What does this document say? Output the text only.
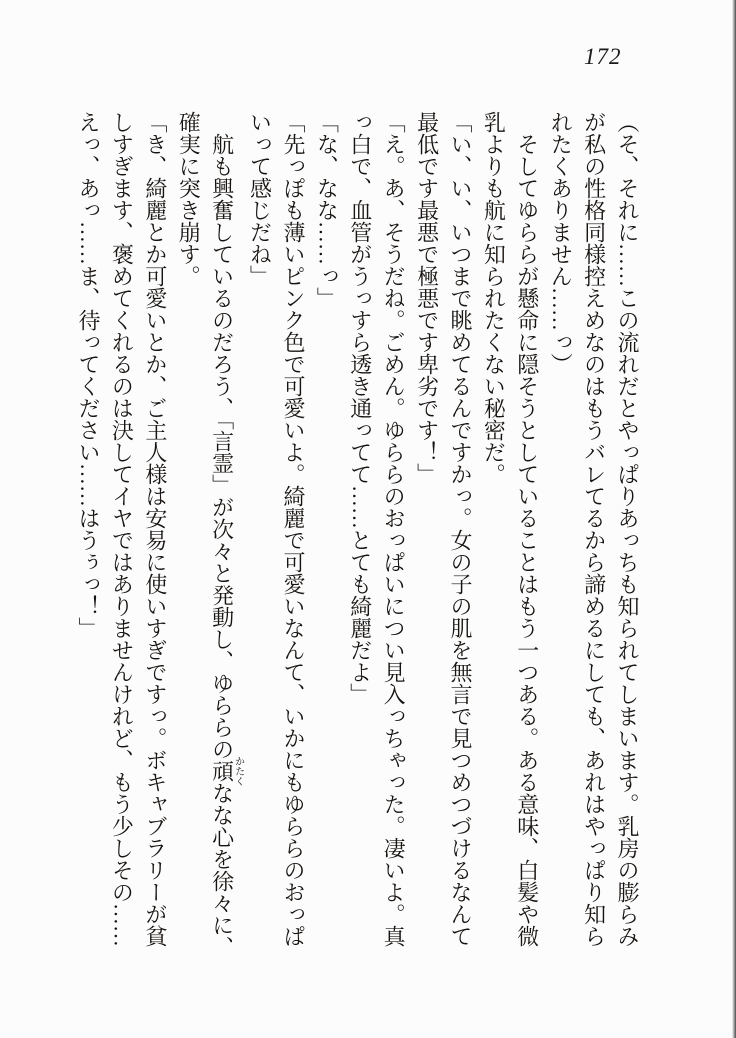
172
（そ、それに……この流れだとやっぱりあっちも知られてしまいます。乳房の膨らみ
が私の性格同様控えめなのはもうバレてるから諦めるにしても、あれはやっぱり知ら
れたくありません……っ）
　そしてゆららが懸命に隠そうとしていることはもう一つある。ある意味、白髪や微
乳よりも航に知られたくない秘密だ。
「い、い、いつまで眺めてるんですかっ。女の子の肌を無言で見つめつづけるなんて
最低です最悪で極悪です卑劣です！」
「え。あ、そうだね。ごめん。ゆららのおっぱいについ見入っちゃった。凄いよ。真
っ白で、血管がうっすら透き通ってて……とても綺麗だよ」
「な、なな……っ」
「先っぽも薄いピンク色で可愛いよ。綺麗で可愛いなんて、いかにもゆららのおっぱ
いって感じだね」
　航も興奮しているのだろう、「言霊」が次々と発動し、ゆららの頑かたくなな心を徐々に、
確実に突き崩す。
「き、綺麗とか可愛いとか、ご主人様は安易に使いすぎですっ。ボキャブラリーが貧
しすぎます、褒めてくれるのは決してイヤではありませんけれど、もう少しその……
えっ、あっ……ま、待ってください……はうぅっ！」
